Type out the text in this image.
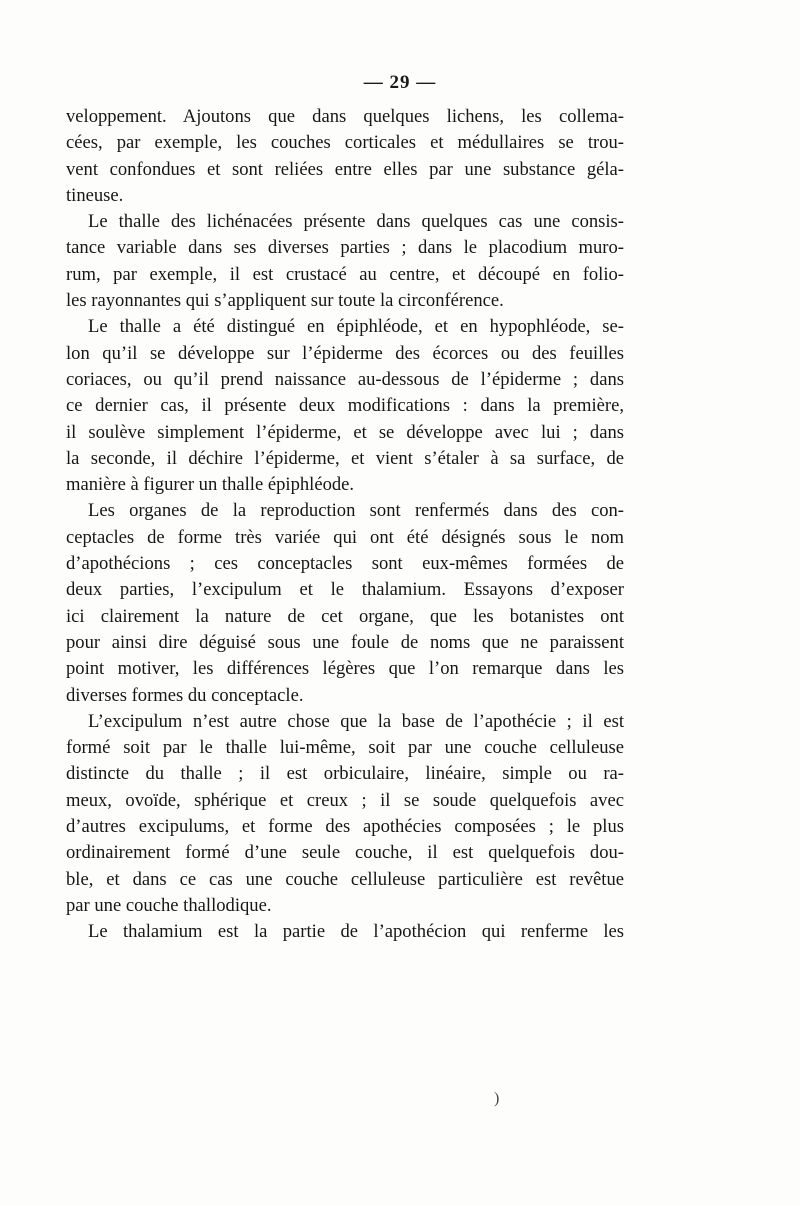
— 29 —
veloppement. Ajoutons que dans quelques lichens, les collema-
cées, par exemple, les couches corticales et médullaires se trou-
vent confondues et sont reliées entre elles par une substance géla-
tineuse.
Le thalle des lichénacées présente dans quelques cas une consis-
tance variable dans ses diverses parties ; dans le placodium muro-
rum, par exemple, il est crustacé au centre, et découpé en folio-
les rayonnantes qui s’appliquent sur toute la circonférence.
Le thalle a été distingué en épiphléode, et en hypophléode, se-
lon qu’il se développe sur l’épiderme des écorces ou des feuilles
coriaces, ou qu’il prend naissance au-dessous de l’épiderme ; dans
ce dernier cas, il présente deux modifications : dans la première,
il soulève simplement l’épiderme, et se développe avec lui ; dans
la seconde, il déchire l’épiderme, et vient s’étaler à sa surface, de
manière à figurer un thalle épiphléode.
Les organes de la reproduction sont renfermés dans des con-
ceptacles de forme très variée qui ont été désignés sous le nom
d’apothécions ; ces conceptacles sont eux-mêmes formées de
deux parties, l’excipulum et le thalamium. Essayons d’exposer
ici clairement la nature de cet organe, que les botanistes ont
pour ainsi dire déguisé sous une foule de noms que ne paraissent
point motiver, les différences légères que l’on remarque dans les
diverses formes du conceptacle.
L’excipulum n’est autre chose que la base de l’apothécie ; il est
formé soit par le thalle lui-même, soit par une couche celluleuse
distincte du thalle ; il est orbiculaire, linéaire, simple ou ra-
meux, ovoïde, sphérique et creux ; il se soude quelquefois avec
d’autres excipulums, et forme des apothécies composées ; le plus
ordinairement formé d’une seule couche, il est quelquefois dou-
ble, et dans ce cas une couche celluleuse particulière est revêtue
par une couche thallodique.
Le thalamium est la partie de l’apothécion qui renferme les
)
